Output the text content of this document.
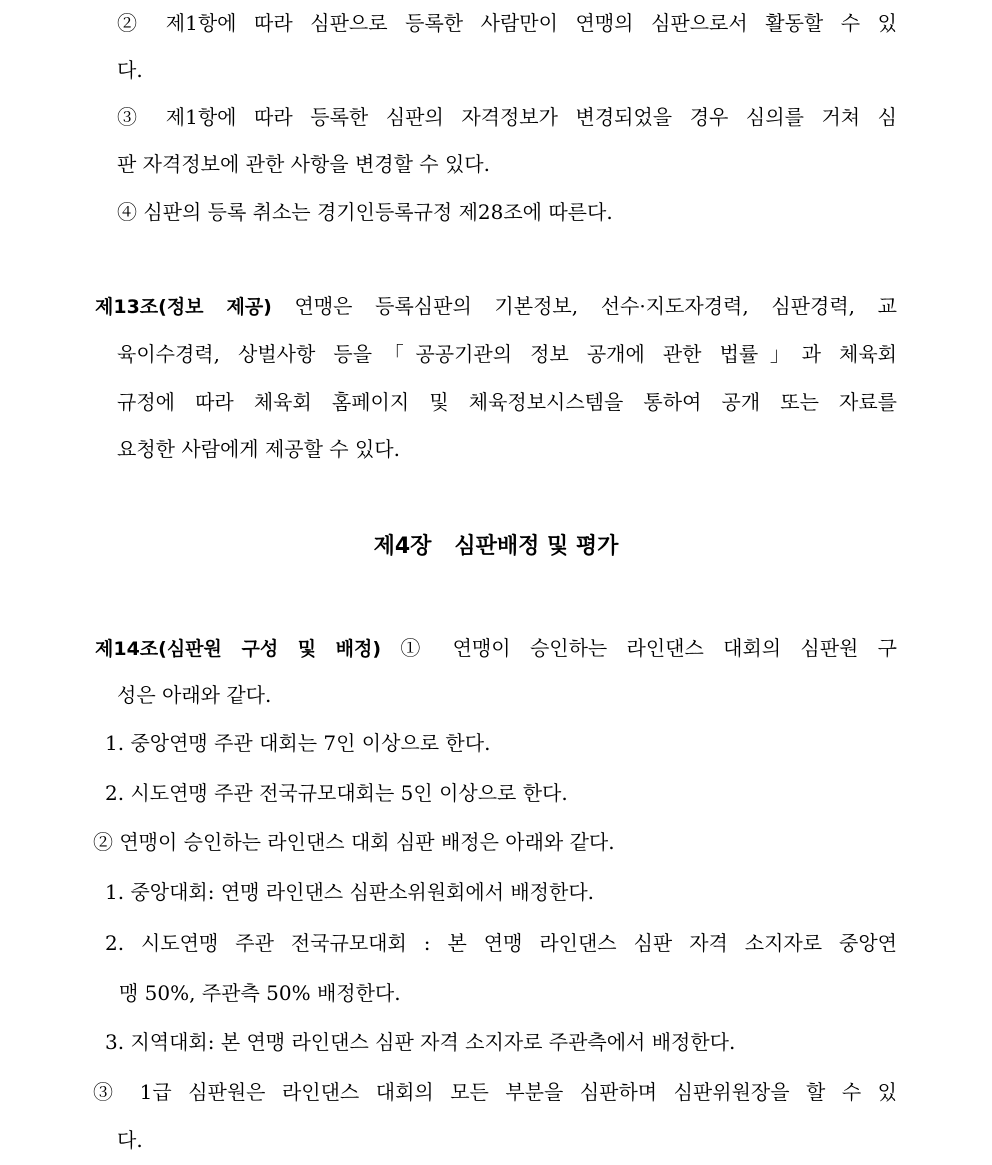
② 제1항에 따라 심판으로 등록한 사람만이 연맹의 심판으로서 활동할 수 있
다.
③ 제1항에 따라 등록한 심판의 자격정보가 변경되었을 경우 심의를 거쳐 심
판 자격정보에 관한 사항을 변경할 수 있다.
④ 심판의 등록 취소는 경기인등록규정 제28조에 따른다.
제13조(정보 제공) 연맹은 등록심판의 기본정보, 선수·지도자경력, 심판경력, 교
육이수경력, 상벌사항 등을「공공기관의 정보 공개에 관한 법률」과 체육회
규정에 따라 체육회 홈페이지 및 체육정보시스템을 통하여 공개 또는 자료를
요청한 사람에게 제공할 수 있다.
제4장   심판배정 및 평가
제14조(심판원 구성 및 배정) ① 연맹이 승인하는 라인댄스 대회의 심판원 구
성은 아래와 같다.
1. 중앙연맹 주관 대회는 7인 이상으로 한다.
2. 시도연맹 주관 전국규모대회는 5인 이상으로 한다.
② 연맹이 승인하는 라인댄스 대회 심판 배정은 아래와 같다.
1. 중앙대회: 연맹 라인댄스 심판소위원회에서 배정한다.
2. 시도연맹 주관 전국규모대회 : 본 연맹 라인댄스 심판 자격 소지자로 중앙연
맹 50%, 주관측 50% 배정한다.
3. 지역대회: 본 연맹 라인댄스 심판 자격 소지자로 주관측에서 배정한다.
③ 1급 심판원은 라인댄스 대회의 모든 부분을 심판하며 심판위원장을 할 수 있
다.
